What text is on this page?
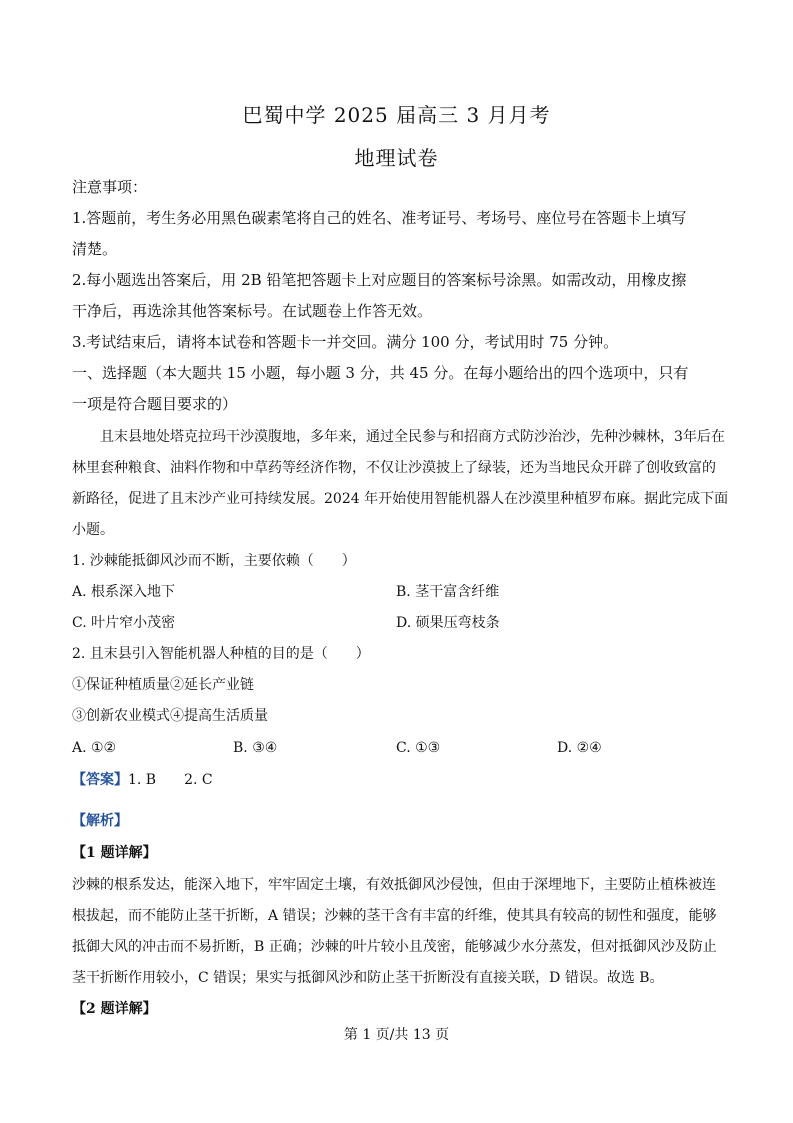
巴蜀中学 2025 届高三 3 月月考
地理试卷
注意事项：
1.答题前，考生务必用黑色碳素笔将自己的姓名、准考证号、考场号、座位号在答题卡上填写
清楚。
2.每小题选出答案后，用 2B 铅笔把答题卡上对应题目的答案标号涂黑。如需改动，用橡皮擦
干净后，再选涂其他答案标号。在试题卷上作答无效。
3.考试结束后，请将本试卷和答题卡一并交回。满分 100 分，考试用时 75 分钟。
一、选择题（本大题共 15 小题，每小题 3 分，共 45 分。在每小题给出的四个选项中，只有
一项是符合题目要求的）
且末县地处塔克拉玛干沙漠腹地，多年来，通过全民参与和招商方式防沙治沙，先种沙棘林，3年后在
林里套种粮食、油料作物和中草药等经济作物，不仅让沙漠披上了绿装，还为当地民众开辟了创收致富的
新路径，促进了且末沙产业可持续发展。2024 年开始使用智能机器人在沙漠里种植罗布麻。据此完成下面
小题。
1. 沙棘能抵御风沙而不断，主要依赖（　　）
A. 根系深入地下	B. 茎干富含纤维
C. 叶片窄小茂密	D. 硕果压弯枝条
2. 且末县引入智能机器人种植的目的是（　　）
①保证种植质量②延长产业链
③创新农业模式④提高生活质量
A. ①②	B. ③④	C. ①③	D. ②④
【答案】1. B　　2. C
【解析】
【1 题详解】
沙棘的根系发达，能深入地下，牢牢固定土壤，有效抵御风沙侵蚀，但由于深埋地下，主要防止植株被连
根拔起，而不能防止茎干折断，A 错误；沙棘的茎干含有丰富的纤维，使其具有较高的韧性和强度，能够
抵御大风的冲击而不易折断，B 正确；沙棘的叶片较小且茂密，能够减少水分蒸发，但对抵御风沙及防止
茎干折断作用较小，C 错误；果实与抵御风沙和防止茎干折断没有直接关联，D 错误。故选 B。
【2 题详解】
第 1 页/共 13 页
